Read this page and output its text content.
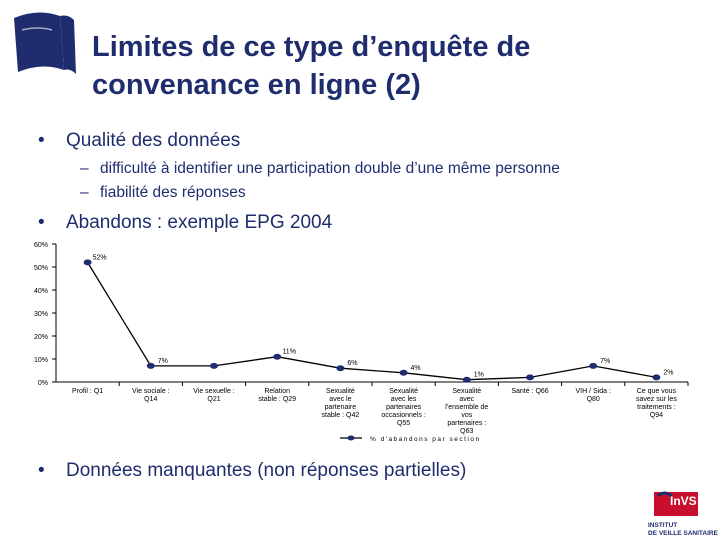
Limites de ce type d’enquête de
convenance en ligne (2)
• Qualité des données
– difficulté à identifier une participation double d’une même personne
– fiabilité des réponses
• Abandons : exemple EPG 2004
0%
10%
20%
30%
40%
50%
60%
Profil : Q1	Vie sociale : Q14
Vie sexuelle : Q21
Relation stable : Q29
Sexualité avec le partenaire stable : Q42
Sexualité avec les partenaires occasionnels : Q55
Sexualité avec l'ensemble de vos partenaires : Q63
Santé : Q66	VIH / Sida : Q80
Ce que vous savez sur les traitements : Q94
52%
7%
11%
6%
4%
1%
7%
2%
% d'abandons par section
• Données manquantes (non réponses partielles)
InVS
INSTITUT
DE VEILLE SANITAIRE
